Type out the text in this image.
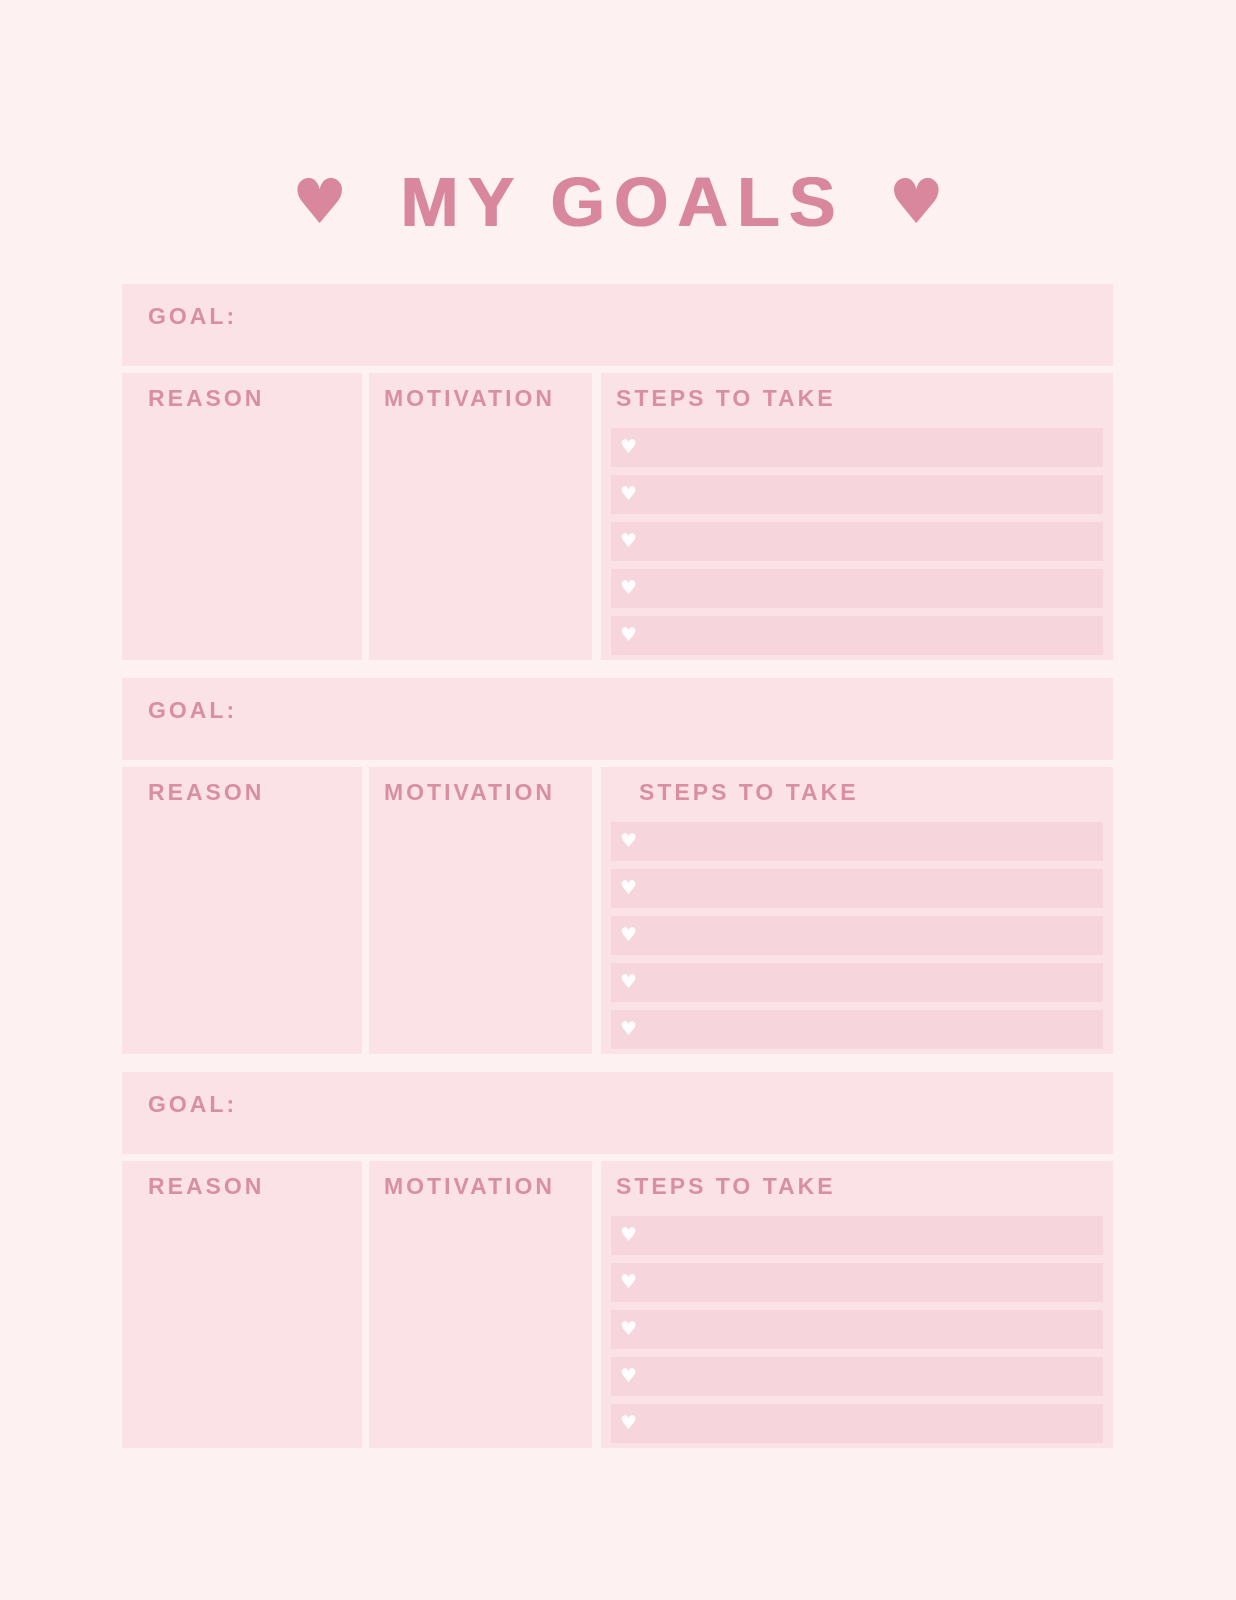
♥ MY GOALS ♥
GOAL:
REASON	MOTIVATION	STEPS TO TAKE
♥
♥
♥
♥
♥
GOAL:
REASON	MOTIVATION	STEPS TO TAKE
♥
♥
♥
♥
♥
GOAL:
REASON	MOTIVATION	STEPS TO TAKE
♥
♥
♥
♥
♥
